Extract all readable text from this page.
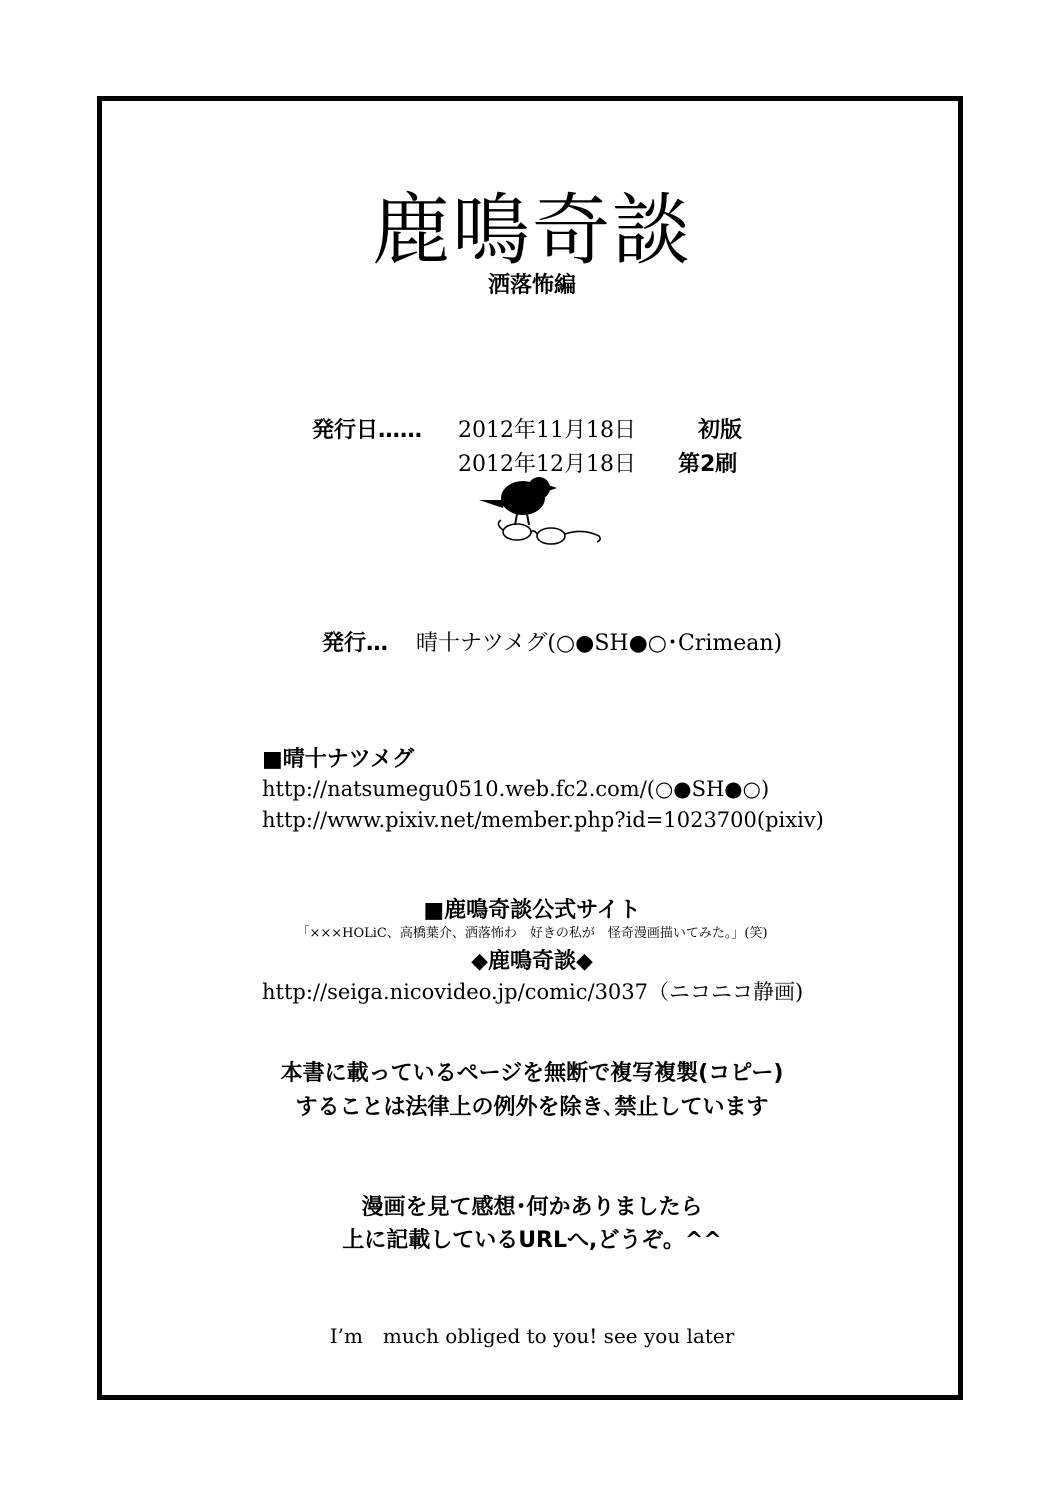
鹿鳴奇談
洒落怖編
発行日‥‥‥ 2012年11月18日	初版
2012年12月18日 第2刷
発行… 晴十ナツメグ(○●SH●○･Crimean)
■晴十ナツメグ
http://natsumegu0510.web.fc2.com/(○●SH●○)
http://www.pixiv.net/member.php?id=1023700(pixiv)
■鹿鳴奇談公式サイト
「×××HOLiC、高橋葉介、洒落怖わ　好きの私が　怪奇漫画描いてみた。」(笑)
◆鹿鳴奇談◆
http://seiga.nicovideo.jp/comic/3037（ニコニコ静画)
本書に載っているページを無断で複写複製(コピー)
することは法律上の例外を除き､禁止しています
漫画を見て感想･何かありましたら
上に記載しているURLへ,どうぞ。^^
I’m　much obliged to you! see you later
